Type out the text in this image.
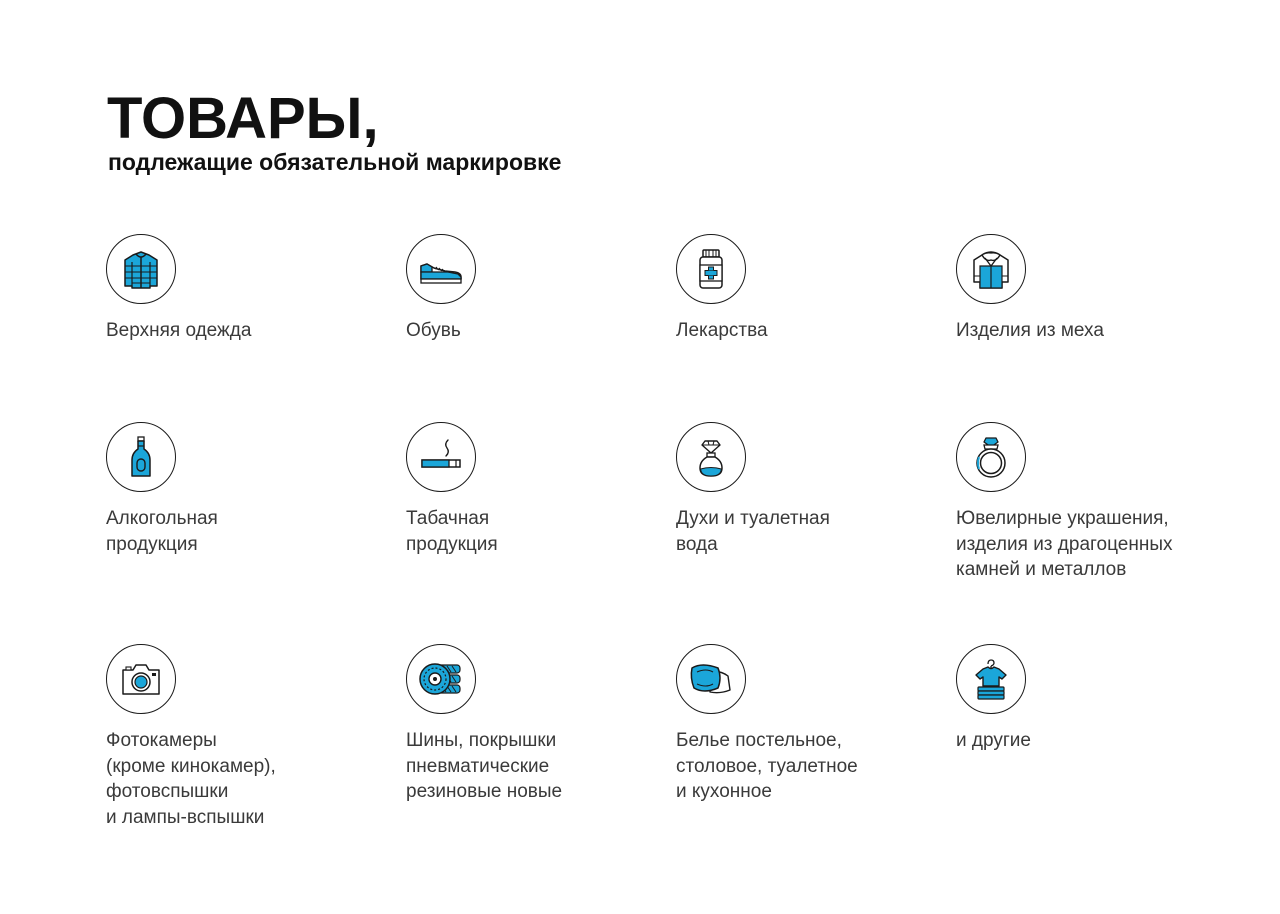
ТОВАРЫ,
подлежащие обязательной маркировке
Верхняя одежда	Обувь	Лекарства	Изделия из меха
Алкогольная
продукция
Табачная
продукция
Духи и туалетная
вода
Ювелирные украшения,
изделия из драгоценных
камней и металлов
Фотокамеры
(кроме кинокамер),
фотовспышки
и лампы-вспышки
Шины, покрышки
пневматические
резиновые новые
Белье постельное,
столовое, туалетное
и кухонное
и другие
